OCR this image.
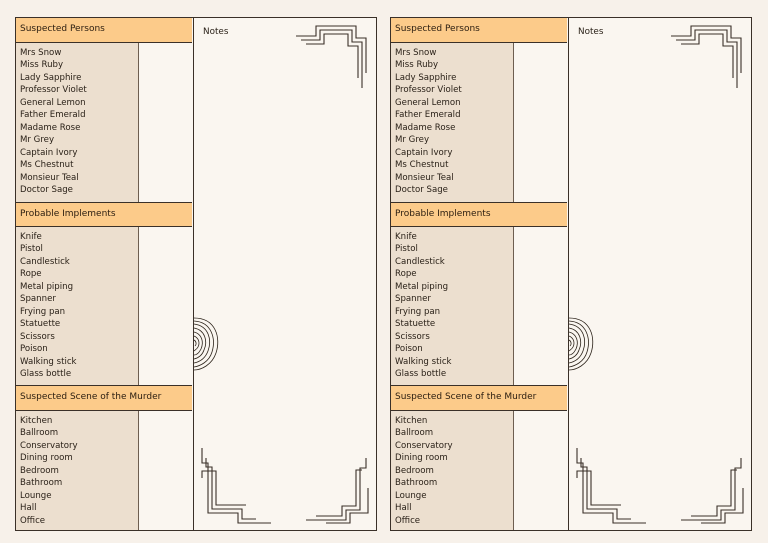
Suspected Persons
Mrs Snow
Miss Ruby
Lady Sapphire
Professor Violet
General Lemon
Father Emerald
Madame Rose
Mr Grey
Captain Ivory
Ms Chestnut
Monsieur Teal
Doctor Sage
Probable Implements
Knife
Pistol
Candlestick
Rope
Metal piping
Spanner
Frying pan
Statuette
Scissors
Poison
Walking stick
Glass bottle
Suspected Scene of the Murder
Kitchen
Ballroom
Conservatory
Dining room
Bedroom
Bathroom
Lounge
Hall
Office
Notes	Suspected Persons
Mrs Snow
Miss Ruby
Lady Sapphire
Professor Violet
General Lemon
Father Emerald
Madame Rose
Mr Grey
Captain Ivory
Ms Chestnut
Monsieur Teal
Doctor Sage
Probable Implements
Knife
Pistol
Candlestick
Rope
Metal piping
Spanner
Frying pan
Statuette
Scissors
Poison
Walking stick
Glass bottle
Suspected Scene of the Murder
Kitchen
Ballroom
Conservatory
Dining room
Bedroom
Bathroom
Lounge
Hall
Office
Notes
